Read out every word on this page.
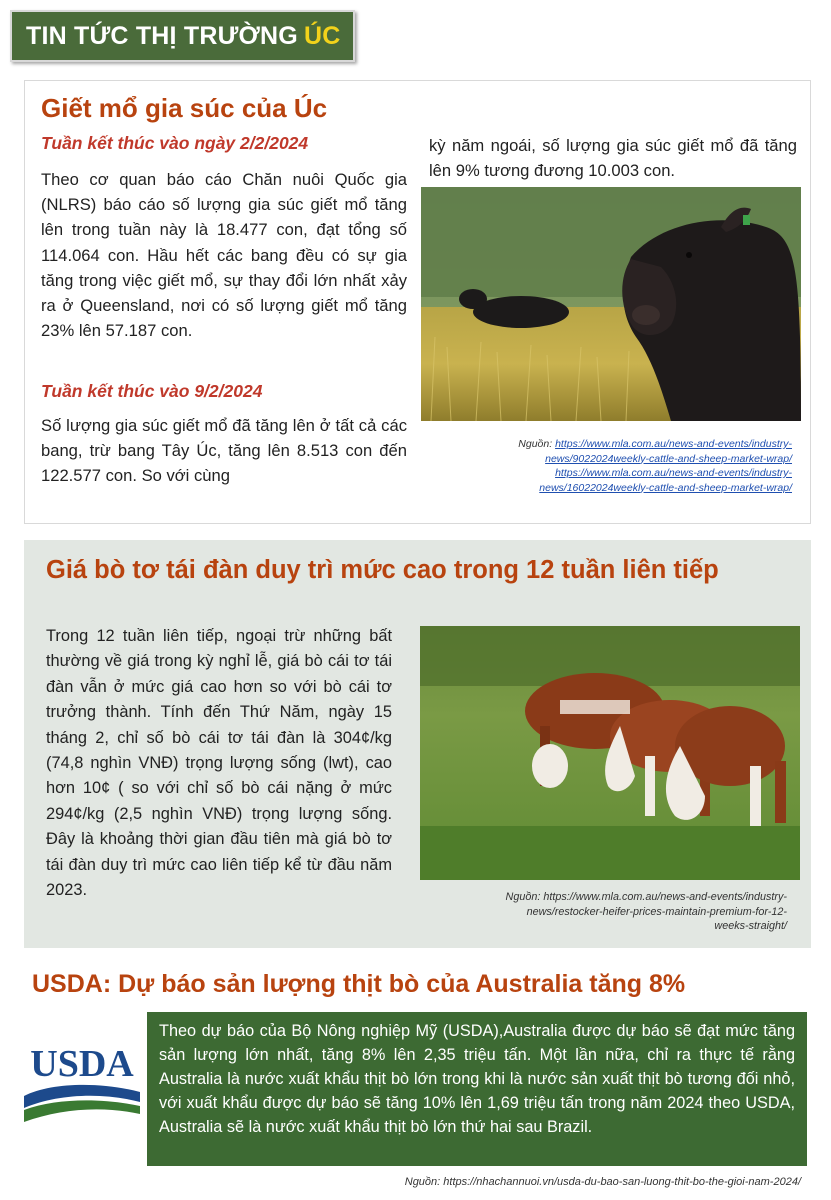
TIN TỨC THỊ TRƯỜNG ÚC
Giết mổ gia súc của Úc
Tuần kết thúc vào ngày 2/2/2024
Theo cơ quan báo cáo Chăn nuôi Quốc gia (NLRS) báo cáo số lượng gia súc giết mổ tăng lên trong tuần này là 18.477 con, đạt tổng số 114.064 con. Hầu hết các bang đều có sự gia tăng trong việc giết mổ, sự thay đổi lớn nhất xảy ra ở Queensland, nơi có số lượng giết mổ tăng 23% lên 57.187 con.
Tuần kết thúc vào 9/2/2024
Số lượng gia súc giết mổ đã tăng lên ở tất cả các bang, trừ bang Tây Úc, tăng lên 8.513 con đến 122.577 con. So với cùng
kỳ năm ngoái, số lượng gia súc giết mổ đã tăng lên 9% tương đương 10.003 con.
Nguồn: https://www.mla.com.au/news-and-events/industry-
news/9022024weekly-cattle-and-sheep-market-wrap/
https://www.mla.com.au/news-and-events/industry-
news/16022024weekly-cattle-and-sheep-market-wrap/
Giá bò tơ tái đàn duy trì mức cao trong 12 tuần liên tiếp
Trong 12 tuần liên tiếp, ngoại trừ những bất thường về giá trong kỳ nghỉ lễ, giá bò cái tơ tái đàn vẫn ở mức giá cao hơn so với bò cái tơ trưởng thành. Tính đến Thứ Năm, ngày 15 tháng 2, chỉ số bò cái tơ tái đàn là 304¢/kg (74,8 nghìn VNĐ) trọng lượng sống (lwt), cao hơn 10¢ ( so với chỉ số bò cái nặng ở mức 294¢/kg (2,5 nghìn VNĐ) trọng lượng sống. Đây là khoảng thời gian đầu tiên mà giá bò tơ tái đàn duy trì mức cao liên tiếp kể từ đầu năm 2023.	Nguồn: https://www.mla.com.au/news-and-events/industry-
news/restocker-heifer-prices-maintain-premium-for-12-
weeks-straight/
USDA: Dự báo sản lượng thịt bò của Australia tăng 8%
USDA
Theo dự báo của Bộ Nông nghiệp Mỹ (USDA),Australia được dự báo sẽ đạt mức tăng sản lượng lớn nhất, tăng 8% lên 2,35 triệu tấn. Một lần nữa, chỉ ra thực tế rằng Australia là nước xuất khẩu thịt bò lớn trong khi là nước sản xuất thịt bò tương đối nhỏ, với xuất khẩu được dự báo sẽ tăng 10% lên 1,69 triệu tấn trong năm 2024 theo USDA, Australia sẽ là nước xuất khẩu thịt bò lớn thứ hai sau Brazil.
Nguồn: https://nhachannuoi.vn/usda-du-bao-san-luong-thit-bo-the-gioi-nam-2024/
